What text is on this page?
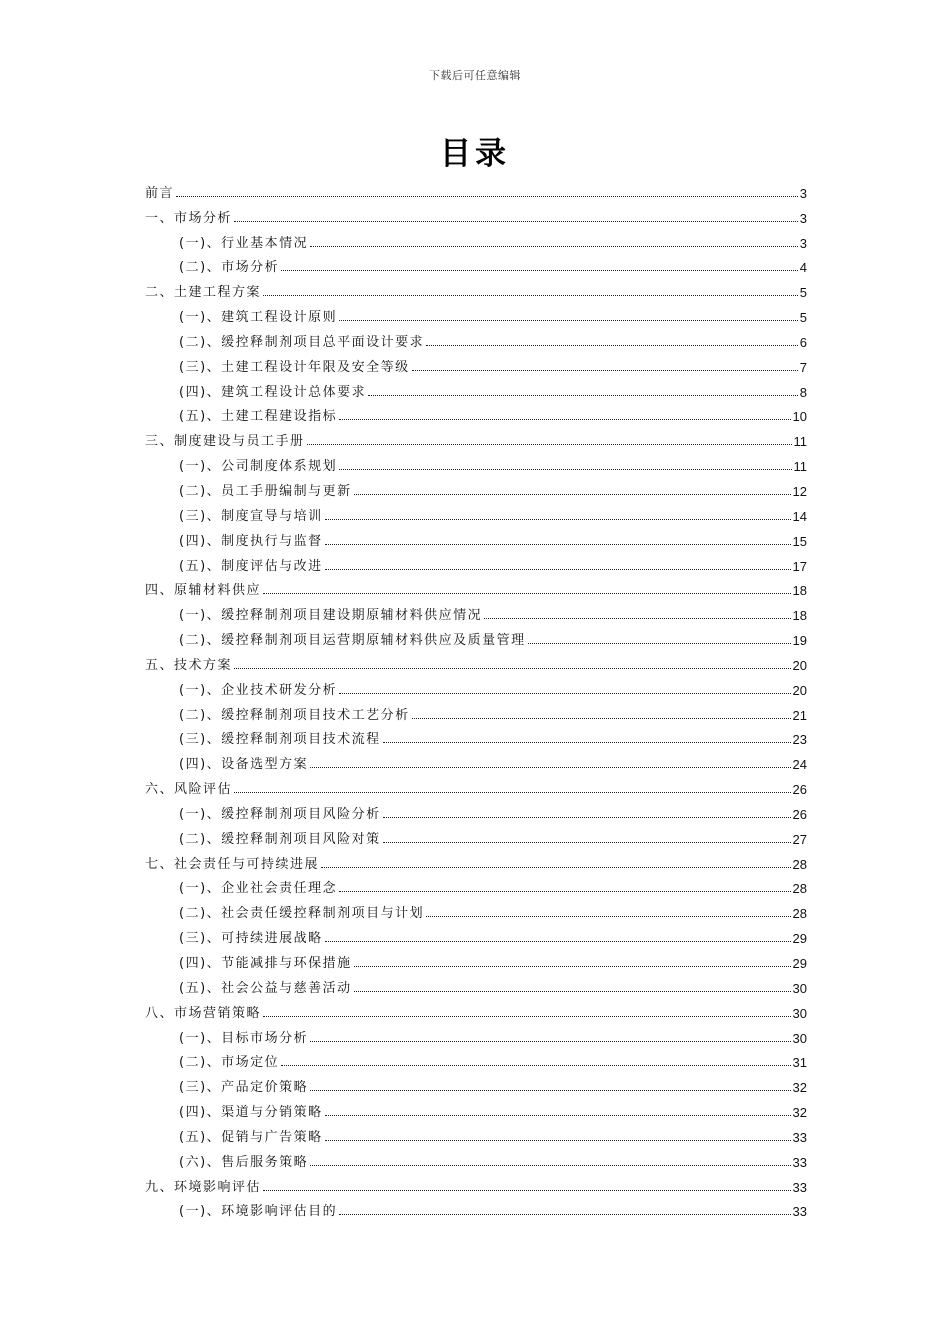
下载后可任意编辑
目录
前言	3
一、市场分析	3
(一)、行业基本情况	3
(二)、市场分析	4
二、土建工程方案	5
(一)、建筑工程设计原则	5
(二)、缓控释制剂项目总平面设计要求	6
(三)、土建工程设计年限及安全等级	7
(四)、建筑工程设计总体要求	8
(五)、土建工程建设指标	10
三、制度建设与员工手册	11
(一)、公司制度体系规划	11
(二)、员工手册编制与更新	12
(三)、制度宣导与培训	14
(四)、制度执行与监督	15
(五)、制度评估与改进	17
四、原辅材料供应	18
(一)、缓控释制剂项目建设期原辅材料供应情况	18
(二)、缓控释制剂项目运营期原辅材料供应及质量管理	19
五、技术方案	20
(一)、企业技术研发分析	20
(二)、缓控释制剂项目技术工艺分析	21
(三)、缓控释制剂项目技术流程	23
(四)、设备选型方案	24
六、风险评估	26
(一)、缓控释制剂项目风险分析	26
(二)、缓控释制剂项目风险对策	27
七、社会责任与可持续进展	28
(一)、企业社会责任理念	28
(二)、社会责任缓控释制剂项目与计划	28
(三)、可持续进展战略	29
(四)、节能减排与环保措施	29
(五)、社会公益与慈善活动	30
八、市场营销策略	30
(一)、目标市场分析	30
(二)、市场定位	31
(三)、产品定价策略	32
(四)、渠道与分销策略	32
(五)、促销与广告策略	33
(六)、售后服务策略	33
九、环境影响评估	33
(一)、环境影响评估目的	33
